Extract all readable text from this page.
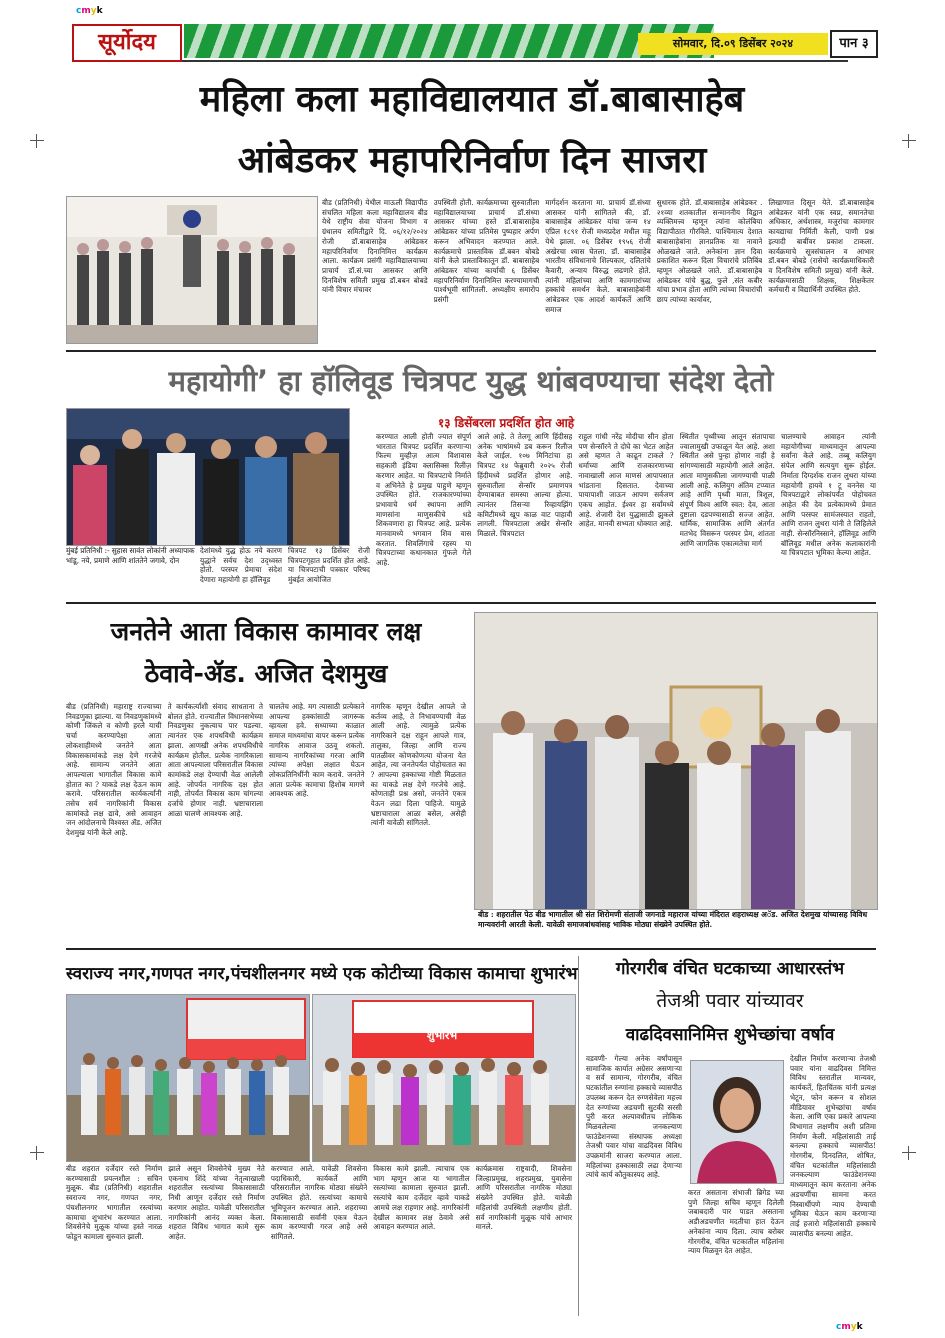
cmyk
cmyk
सूर्योदय	सोमवार, दि.०९ डिसेंबर २०२४	पान ३
महिला कला महाविद्यालयात डॉ.बाबासाहेब
आंबेडकर महापरिनिर्वाण दिन साजरा
बीड (प्रतिनिधी) येथील माऊली विद्यापीठ संचलित महिला कला महाविद्यालय बीड येथे राष्ट्रीय सेवा योजना विभाग व ग्रंथालय समितीद्वारे दि. ०६/१२/२०२४ रोजी डॉ.बाबासाहेब आंबेडकर महापरिनिर्वाण दिनानिमित्त कार्यक्रम आला. कार्यक्रम प्रसंगी महाविद्यालयाच्या प्राचार्य डॉ.सं.च्या आसकर आणि दिनविशेष समिती प्रमुख डॉ.बबन बोबडे यांनी विचार मंचावर
उपस्थिती होती. कार्यक्रमाच्या सुरुवातीला महाविद्यालयाच्या प्राचार्य डॉ.संध्या आसकर यांच्या हस्ते डॉ.बाबासाहेब आंबेडकर यांच्या प्रतिमेस पुष्पहार अर्पण करून अभिवादन करण्यात आले. कार्यक्रमाचे प्रास्ताविक डॉ.बबन बोबडे यांनी केले प्रास्ताविकातून डॉ. बाबासाहेब आंबेडकर यांच्या कार्याची ६ डिसेंबर महापरिनिर्वाण दिनानिमित्त करण्यामागची पार्श्वभूमी सांगितली. अध्यक्षीय समारोप प्रसंगी
मार्गदर्शन करताना मा. प्राचार्य डॉ.संध्या आसकर यांनी सांगितले की, डॉ. बाबासाहेब आंबेडकर यांचा जन्म १४ एप्रिल १८९१ रोजी मध्यप्रदेश मधील महू येथे झाला. ०६ डिसेंबर १९५६ रोजी अखेरचा श्वास घेतला. डॉ. बाबासाहेब भारतीय संविधानाचे शिल्पकार, दलितांचे कैवारी, अन्याय विरुद्ध लढणारे होते. त्यांनी महिलांच्या आणि कामगारांच्या हक्कांचे समर्थन केले. बाबासाहेबांनी आंबेडकर एक आदर्श कार्यकर्ते आणि समाज
सुधारक होते. डॉ.बाबासाहेब आंबेडकर . २१व्या शतकातील सन्माननीय विद्वान व्यक्तिमत्त्व म्हणून त्यांना कोलंबिया विद्यापीठात गौरविले. पाश्चिमात्य देशात बाबासाहेबांना ज्ञानप्रतिक या नावाने ओळखले जाते. अनेकांना ज्ञान दिवा प्रकाशित करून दिला विचारांचे प्रतिबिंब म्हणून ओळखले जाते. डॉ.बाबासाहेब आंबेडकर यांचे बुद्ध, फुले ,संत कबीर यांचा प्रभाव होता आणि त्यांच्या विचारांची छाप त्यांच्या कार्यावर,
लिखाणात दिसून येते. डॉ.बाबासाहेब आंबेडकर यांनी एक स्वप्न, समानतेचा अधिकार, अर्थशास्त्र, मजुरांचा कामगार कायद्याचा निर्मिती केली, पाणी प्रश्न इत्यादी बाबींवर प्रकाश टाकला. कार्यक्रमाचे सूत्रसंचालन व आभार डॉ.बबन बोबडे (रासेयो कार्यक्रमाधिकारी व दिनविशेष समिती प्रमुख) यांनी केले. कार्यक्रमासाठी शिक्षक, शिक्षकेतर कर्मचारी व विद्यार्थिनी उपस्थित होते.
महायोगी’ हा हॉलिवूड चित्रपट युद्ध थांबवण्याचा संदेश देतो
मुंबई प्रतिनिधी :- सुहास सावंत लोकांनी अध्यापाक भांडू, नये, प्रमाणे आणि शांततेने जगावे, दोन
१३ डिसेंबरला प्रदर्शित होत आहे
देशांमध्ये युद्ध होऊ नये कारण युद्धाने सर्वच देश उद्ध्वस्त होतो. परस्पर प्रेमाचा संदेश देणारा महायोगी हा हॉलिवूड
चित्रपट १३ डिसेंबर रोजी चित्रपटगृहात प्रदर्शित होत आहे. या चित्रपटाची पत्रकार परिषद मुंबईत आयोजित
करण्यात आली होती ज्यात संपूर्ण भारतात चित्रपट प्रदर्शित करणाऱ्या फिल्म मुव्हीज़ आत्म विशावास सहकारी इंडिया क्लासिक्स रिलीज़ करणार आहेत. या चित्रपटाचे निर्माते व अभिनेते हे प्रमुख पाहुणे म्हणून उपस्थित होते. राजकारण्यांच्या प्रभावाचे धर्म स्थापना आणि माणसांना माणुसकीचे धडे शिकवणारा हा चित्रपट आहे. प्रत्येक मानवामध्ये भगवान शिव वास करतात. शिवलिंगाचे रहस्य या चित्रपटाच्या कथानकात गुंफले गेले आहे.
आले आहे. ते तेलगू आणि हिंदीसह अनेक भाषांमध्ये डब करून रिलीज केले जाईल. १०७ मिनिटांचा हा चित्रपट १४ फेब्रुवारी २०२५ रोजी हिंदीमध्ये प्रदर्शित होणार आहे. सुरुवातीला सेन्सॉर प्रमाणपत्र देण्याबाबत समस्या आल्या होत्या. त्यानंतर तिसऱ्या रिव्हायझिंग कमिटीमध्ये खूप काळ वाट पाहावी लागली. चित्रपटाला अखेर सेन्सॉर मिळाले. चित्रपटात
राहुल गांधी नरेंद्र मोदीचा सीन होता पण सेन्सॉरने ते दोघे का भेटत आहेत असे म्हणत ते काढून टाकले ? धर्माच्या आणि राजकारणाच्या नावाखाली आज माणसं आपापसात भांडताना दिसतात. देवाच्या पायापाशी जाऊन आपण सर्वजण एकच आहोत. ईश्वर हा सर्वांमध्ये आहे. शेजारी देश युद्धासाठी झुकले आहेत. मानवी सभ्यता धोक्यात आहे.
स्थितीत पृथ्वीच्या आतून संतापाचा ज्वालामुखी उफाळून येत आहे. अशा स्थितीत असे पुन्हा होणार नाही हे सांगण्यासाठी महायोगी आले आहेत. आता माणुसकीला जागण्याची पाळी आली आहे. कलियुग अंतिम टप्प्यात आहे आणि पृथ्वी माता, त्रिशूल, संपूर्ण विश्व आणि स्वत: देव, आता दुष्टाला दडपण्यासाठी सज्ज आहेत. धार्मिक, सामाजिक आणि अंतर्गत मतभेद विसरून परस्पर प्रेम, शांतता आणि जागतिक एकात्मतेचा मार्ग
चालण्याचे आवाहन त्यांनी महायोगीच्या माध्यमातून आपल्या सर्वांना केले आहे. तब्बू कलियुग संपेल आणि सत्ययुग सुरू होईल. निर्माता दिग्दर्शक राजन लुथरा यांच्या महायोगी हायवे १ टू वननेस या चित्रपटाद्वारे लोकांपर्यंत पोहोचवत आहेत की देव प्रत्येकामध्ये प्रेमात आणि परस्पर सामंजस्यात राहतो, आणि राजन लुथरा यांनी ते लिहिलेले नाही. सेन्सॉरनिस्साने, हॉलिवूड आणि बॉलिवूड मधील अनेक कलाकारांनी या चित्रपटात भूमिका केल्या आहेत.
जनतेने आता विकास कामावर लक्ष
ठेवावे-ॲड. अजित देशमुख
बीड (प्रतिनिधी) महाराष्ट्र राज्याच्या निवडणुका झाल्या. या निवडणुकांमध्ये कोणी जिंकले व कोणी हरले याची चर्चा करण्यापेक्षा आता लोकशाहीमध्ये जनतेने आता विकासकामांकडे लक्ष देणे गरजेचे आहे. सामान्य जनतेने आता आपल्याला भागातील विकास कामे होतात का ? याकडे लक्ष देऊन काम करावे. परिसरातील कार्यकर्त्यांनी तसेच सर्व नागरिकांनी विकास कामांकडे लक्ष द्यावे, असे आवाहन जन आंदोलनाचे विश्वस्त ॲड. अजित देशमुख यांनी केले आहे.
ते कार्यकर्त्यांशी संवाद साधताना ते बोलत होते. राज्यातील विधानसभेच्या निवडणुका नुकत्याच पार पडल्या. त्यानंतर एक शपथविधी कार्यक्रम झाला. आणखी अनेक शपथविधीचे कार्यक्रम होतील. प्रत्येक नागरिकाला आता आपल्याला परिसरातील विकास कामांकडे लक्ष देण्याची वेळ आलेली आहे. जोपर्यंत नागरिक दक्ष होत नाही, तोपर्यंत विकास काम चांगल्या दर्जाचे होणार नाही. भ्रष्टाचाराला आळा घालणे आवश्यक आहे.
चालतेच आहे. मग त्यासाठी प्रत्येकाने आपल्या हक्कांसाठी जागरूक व्हायला हवे. सध्याच्या काळात समाज माध्यमांचा वापर करून प्रत्येक नागरिक आवाज उठवू शकतो. सामान्य नागरिकांच्या गरजा आणि त्यांच्या अपेक्षा लक्षात घेऊन लोकप्रतिनिधींनी काम करावे. जनतेने आता प्रत्येक कामाचा हिशोब मागणे आवश्यक आहे.
नागरिक म्हणून देखील आपले जे कर्तव्य आहे, ते निभावण्याची वेळ आली आहे. त्यामुळे प्रत्येक नागरिकाने दक्ष राहून आपले गाव, तालुका, जिल्हा आणि राज्य पातळीवर कोणकोणत्या योजना येत आहेत, त्या जनतेपर्यंत पोहोचतात का ? आपल्या हक्काच्या गोष्टी मिळतात का याकडे लक्ष देणे गरजेचे आहे. कोणताही प्रश्न असो, जनतेने एकत्र येऊन लढा दिला पाहिजे. यामुळे भ्रष्टाचाराला आळा बसेल, असेही त्यांनी यावेळी सांगितले.
बीड : शहरातील पेठ बीड भागातील श्री संत शिरोमणी संताजी जगनाडे महाराज यांच्या मंदिरात शहराध्यक्ष अॅड. अजित देशमुख यांच्यासह विविध मान्यवरांनी आरती केली. यावेळी समाजबांधवांसह भाविक मोठ्या संख्येने उपस्थित होते.
स्वराज्य नगर,गणपत नगर,पंचशीलनगर मध्ये एक कोटीच्या विकास कामाचा शुभारंभ
शुभारंभ
बीड शहरात दर्जेदार रस्ते निर्माण करण्यासाठी प्रयत्नशील : सचिन मुळूक. बीड (प्रतिनिधी) शहरातील स्वराज्य नगर, गणपत नगर, पंचशीलनगर भागातील रस्त्यांच्या कामाचा शुभारंभ करण्यात आला. शिवसेनेचे मुळूक यांच्या हस्ते नारळ फोडून कामाला सुरुवात झाली.
झाले असून शिवसेनेचे मुख्य नेते एकनाथ शिंदे यांच्या नेतृत्वाखाली शहरातील रस्त्यांच्या विकासासाठी निधी आणून दर्जेदार रस्ते निर्माण करणार आहोत. यावेळी परिसरातील नागरिकांनी आनंद व्यक्त केला. शहरात विविध भागात कामे सुरू आहेत.
करण्यात आले. यावेळी शिवसेना पदाधिकारी, कार्यकर्ते आणि परिसरातील नागरिक मोठ्या संख्येने उपस्थित होते. रस्त्यांच्या कामाचे भूमिपूजन करण्यात आले. शहराच्या विकासासाठी सर्वांनी एकत्र येऊन काम करण्याची गरज आहे असे सांगितले.
विकास कामे झाली. त्याचाच एक भाग म्हणून आज या भागातील रस्त्यांच्या कामाला सुरुवात झाली. रस्त्यांचे काम दर्जेदार व्हावे याकडे आमचे लक्ष राहणार आहे. नागरिकांनी देखील कामावर लक्ष ठेवावे असे आवाहन करण्यात आले.
कार्यक्रमास राष्ट्रवादी, शिवसेना जिल्हाप्रमुख, शहरप्रमुख, युवासेना आणि परिसरातील नागरिक मोठ्या संख्येने उपस्थित होते. यावेळी महिलांची उपस्थिती लक्षणीय होती. सर्व नागरिकांनी मुळूक यांचे आभार मानले.
गोरगरीब वंचित घटकाच्या आधारस्तंभ
तेजश्री पवार यांच्यावर
वाढदिवसानिमित्त शुभेच्छांचा वर्षाव
वडवणी- गेल्या अनेक वर्षांपासून सामाजिक कार्यात अग्रेसर असणाऱ्या व सर्व सामान्य, गोरगरीब, वंचित घटकांतील रुग्णांना हक्काचे व्यासपीठ उपलब्ध करून देत रुग्णसेवेला महत्त्व देत रुग्णांच्या अडचणी सुटकी सरसी पुरी करत अल्पावधीतच लोकिक मिळवलेल्या जनकल्याण फाउंडेशनच्या संस्थापक अध्यक्षा तेजश्री पवार यांचा वाढदिवस विविध उपक्रमांनी साजरा करण्यात आला. महिलांच्या हक्कासाठी लढा देणाऱ्या त्यांचे कार्य कौतुकास्पद आहे.
करत असताना संभाजी ब्रिगेड च्या पुणे जिल्हा सचिव म्हणून दिलेली जबाबदारी पार पाडत असताना अडीअडचणीत मदतीचा हात देऊन अनेकांना न्याय दिला. त्याच बरोबर गोरगरीब, वंचित घटकातील महिलांना न्याय मिळवून देत आहेत.
देखील निर्माण करणाऱ्या तेजश्री पवार यांना वाढदिवस निमित्त विविध स्तरातील मान्यवर, कार्यकर्ते, हितचिंतक यांनी प्रत्यक्ष भेटून, फोन करून व सोशल मीडियावर शुभेच्छांचा वर्षाव केला. आणि एका प्रकारे आपल्या विभागात लक्षणीय अशी प्रतिमा निर्माण केली. महिलांसाठी ताई बनल्या हक्काचे व्यासपीठ! गोरगरीब, दिनदलित, शोषित, वंचित घटकांतील महिलांसाठी जनकल्याण फाउंडेशनच्या माध्यमातून काम करताना अनेक अडचणींचा सामना करत निस्वार्थीपणे न्याय देण्याची भूमिका घेऊन काम करणाऱ्या ताई हजारो महिलांसाठी हक्काचे व्यासपीठ बनल्या आहेत.
